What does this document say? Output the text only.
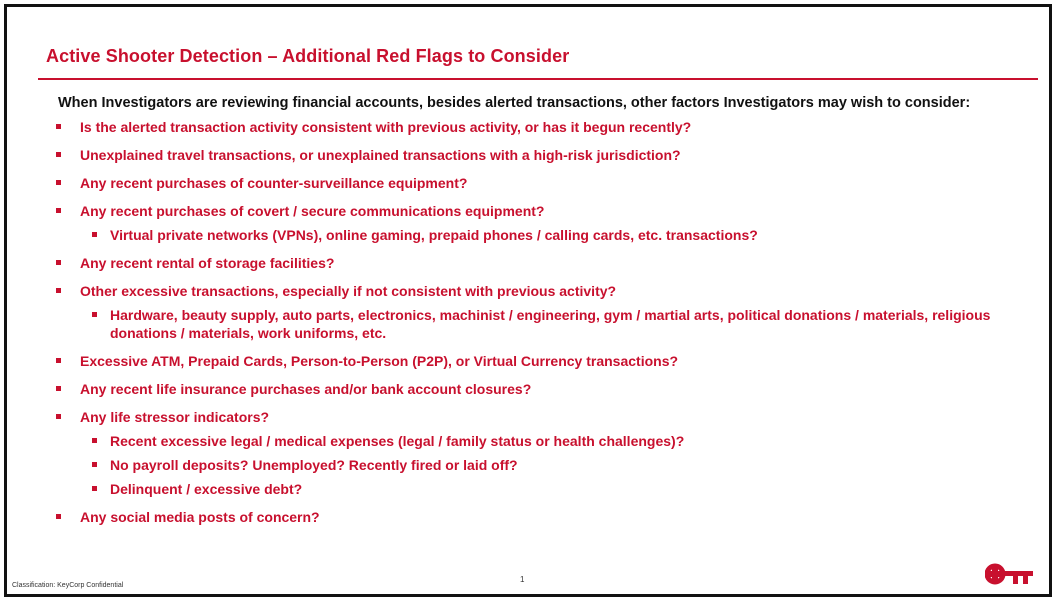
Active Shooter Detection – Additional Red Flags to Consider
When Investigators are reviewing financial accounts, besides alerted transactions, other factors Investigators may wish to consider:
Is the alerted transaction activity consistent with previous activity, or has it begun recently?
Unexplained travel transactions, or unexplained transactions with a high-risk jurisdiction?
Any recent purchases of counter-surveillance equipment?
Any recent purchases of covert / secure communications equipment?
Virtual private networks (VPNs), online gaming, prepaid phones / calling cards, etc. transactions?
Any recent rental of storage facilities?
Other excessive transactions, especially if not consistent with previous activity?
Hardware, beauty supply, auto parts, electronics, machinist / engineering, gym / martial arts, political donations / materials, religious donations / materials, work uniforms, etc.
Excessive ATM, Prepaid Cards, Person-to-Person (P2P), or Virtual Currency transactions?
Any recent life insurance purchases and/or bank account closures?
Any life stressor indicators?
Recent excessive legal / medical expenses (legal / family status or health challenges)?
No payroll deposits? Unemployed? Recently fired or laid off?
Delinquent / excessive debt?
Any social media posts of concern?
Classification: KeyCorp Confidential
1
